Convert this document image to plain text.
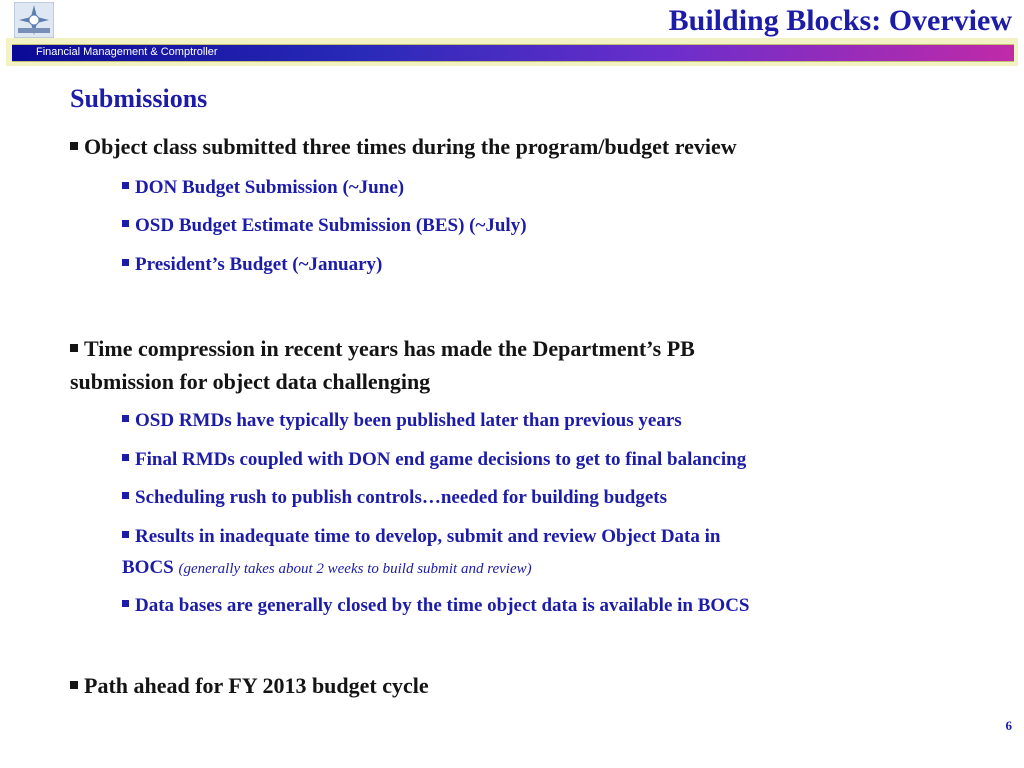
Building Blocks: Overview
Financial Management & Comptroller
Submissions
Object class submitted three times during the program/budget review
DON Budget Submission (~June)
OSD Budget Estimate Submission (BES) (~July)
President’s Budget (~January)
Time compression in recent years has made the Department’s PB
submission for object data challenging
OSD RMDs have typically been published later than previous years
Final RMDs coupled with DON end game decisions to get to final balancing
Scheduling rush to publish controls…needed for building budgets
Results in inadequate time to develop, submit and review Object Data in
BOCS (generally takes about 2 weeks to build submit and review)
Data bases are generally closed by the time object data is available in BOCS
Path ahead for FY 2013 budget cycle
6
